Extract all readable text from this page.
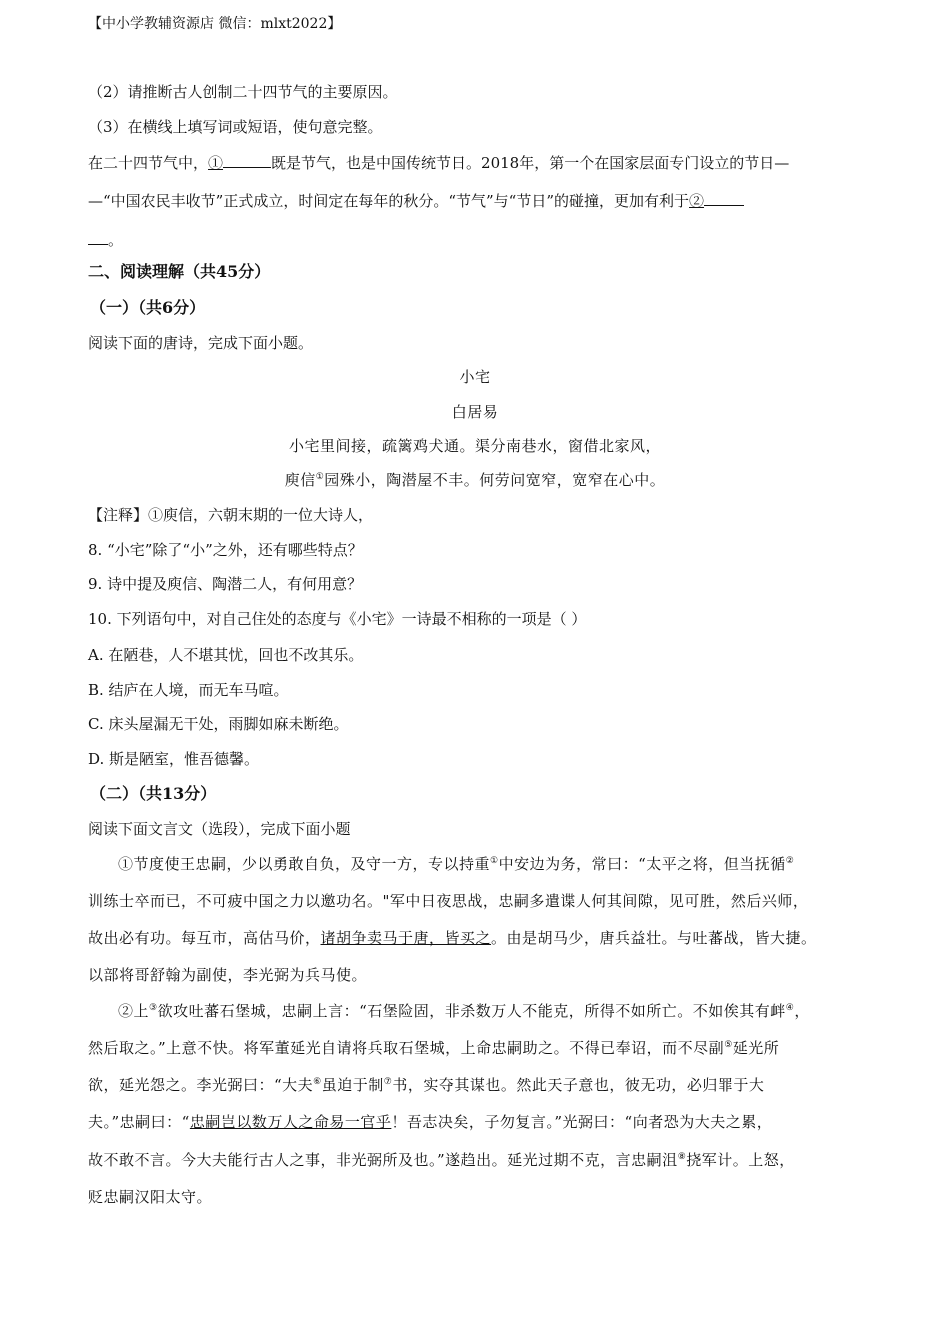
【中小学教辅资源店 微信：mlxt2022】
（2）请推断古人创制二十四节气的主要原因。
（3）在横线上填写词或短语，使句意完整。
在二十四节气中，①	既是节气，也是中国传统节日。2018年，第一个在国家层面专门设立的节日—
—“中国农民丰收节”正式成立，时间定在每年的秋分。“节气”与“节日”的碰撞，更加有利于②
。
二、阅读理解（共45分）
（一）（共6分）
阅读下面的唐诗，完成下面小题。
小宅
白居易
小宅里间接，疏篱鸡犬通。渠分南巷水，窗借北家风，
庾信①园殊小，陶潜屋不丰。何劳问宽窄，宽窄在心中。
【注释】①庾信，六朝末期的一位大诗人，
8. “小宅”除了“小”之外，还有哪些特点？
9. 诗中提及庾信、陶潜二人，有何用意？
10. 下列语句中，对自己住处的态度与《小宅》一诗最不相称的一项是（ ）
A. 在陋巷，人不堪其忧，回也不改其乐。
B. 结庐在人境，而无车马喧。
C. 床头屋漏无干处，雨脚如麻未断绝。
D. 斯是陋室，惟吾德馨。
（二）（共13分）
阅读下面文言文（选段），完成下面小题
①节度使王忠嗣，少以勇敢自负，及守一方，专以持重①中安边为务，常曰：“太平之将，但当抚循②
训练士卒而已，不可疲中国之力以邀功名。"军中日夜思战，忠嗣多遣谍人何其间隙，见可胜，然后兴师，
故出必有功。每互市，高估马价，诸胡争卖马于唐，皆买之。由是胡马少，唐兵益壮。与吐蕃战，皆大捷。
以部将哥舒翰为副使，李光弼为兵马使。
②上③欲攻吐蕃石堡城，忠嗣上言：“石堡险固，非杀数万人不能克，所得不如所亡。不如俟其有衅④，
然后取之。”上意不快。将军董延光自请将兵取石堡城，上命忠嗣助之。不得已奉诏，而不尽副⑤延光所
欲，延光怨之。李光弼曰：“大夫⑥虽迫于制⑦书，实夺其谋也。然此天子意也，彼无功，必归罪于大
夫。”忠嗣曰：“忠嗣岂以数万人之命易一官乎！吾志决矣，子勿复言。”光弼曰：“向者恐为大夫之累，
故不敢不言。今大夫能行古人之事，非光弼所及也。”遂趋出。延光过期不克，言忠嗣沮⑧挠军计。上怒，
贬忠嗣汉阳太守。
